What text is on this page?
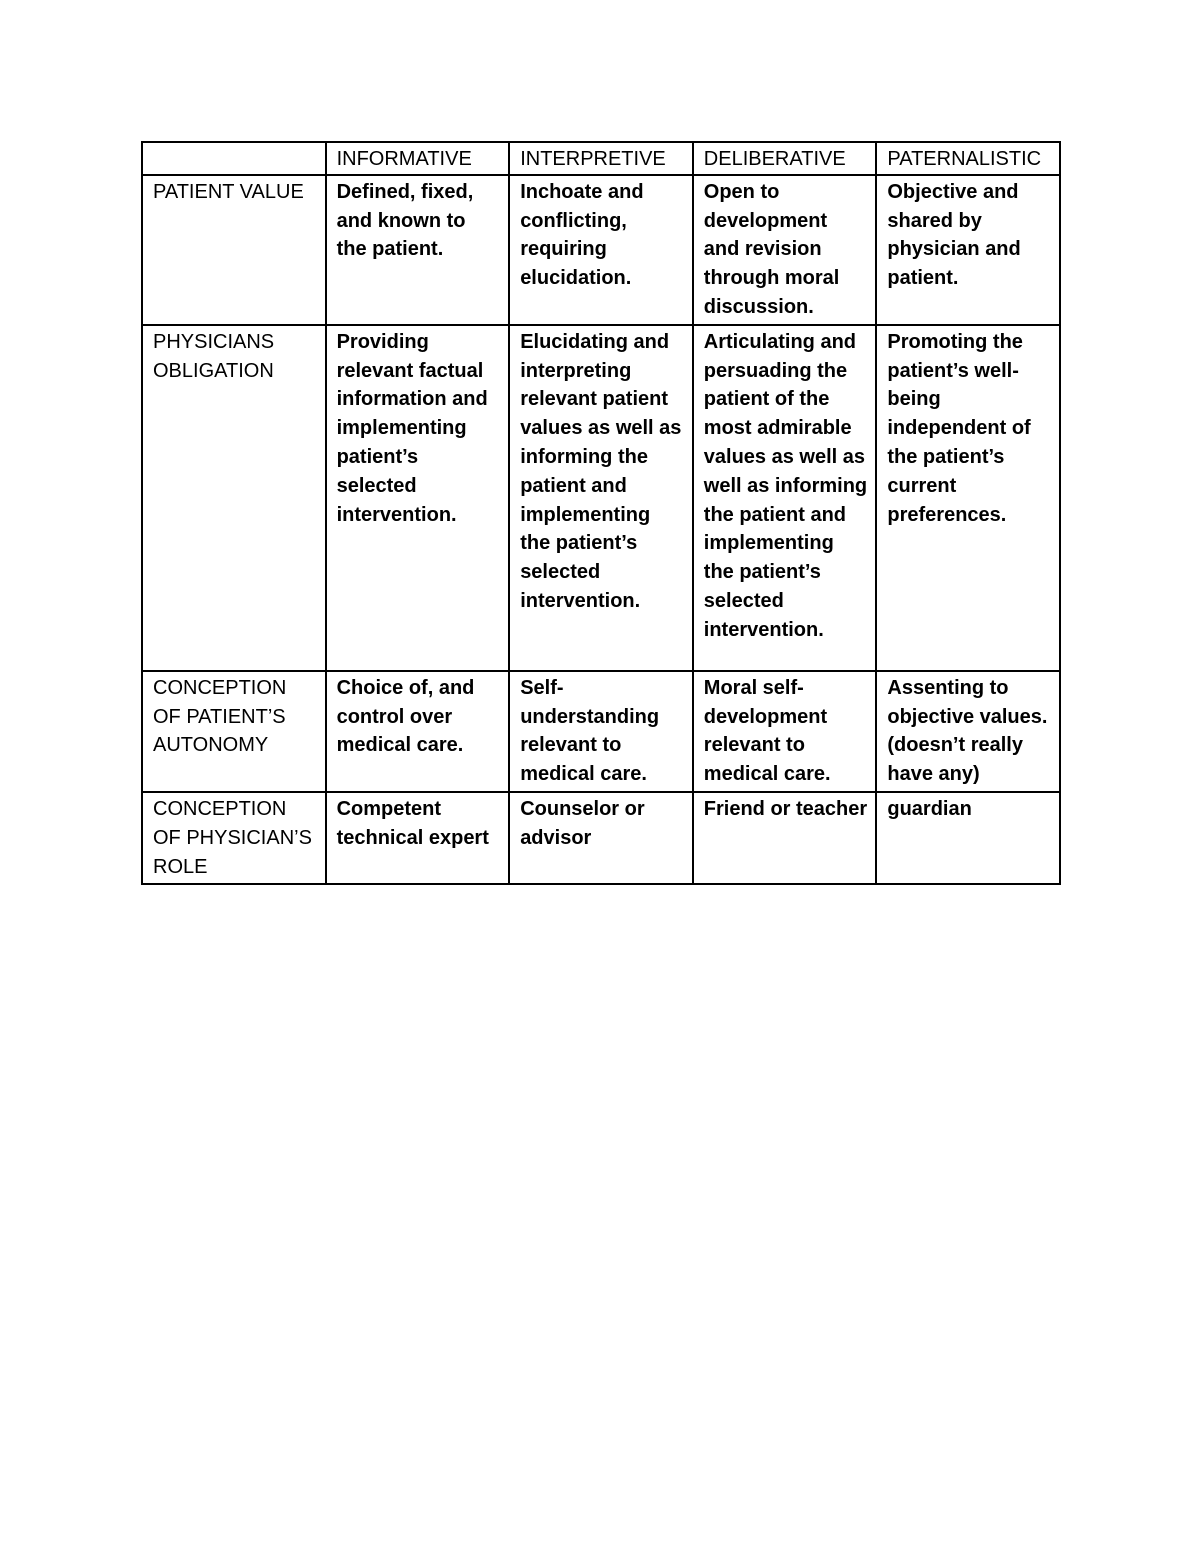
	INFORMATIVE	INTERPRETIVE	DELIBERATIVE	PATERNALISTIC
PATIENT VALUE	Defined, fixed, and known to the patient.	Inchoate and conflicting, requiring elucidation.	Open to development and revision through moral discussion.	Objective and shared by physician and patient.
PHYSICIANS OBLIGATION	Providing relevant factual information and implementing patient’s selected intervention.	Elucidating and interpreting relevant patient values as well as informing the patient and implementing the patient’s selected intervention.	Articulating and persuading the patient of the most admirable values as well as well as informing the patient and implementing the patient’s selected intervention.	Promoting the patient’s well-being independent of the patient’s current preferences.
CONCEPTION OF PATIENT’S AUTONOMY	Choice of, and control over medical care.	Self-understanding relevant to medical care.	Moral self-development relevant to medical care.	Assenting to objective values. (doesn’t really have any)
CONCEPTION OF PHYSICIAN’S ROLE	Competent technical expert	Counselor or advisor	Friend or teacher	guardian
